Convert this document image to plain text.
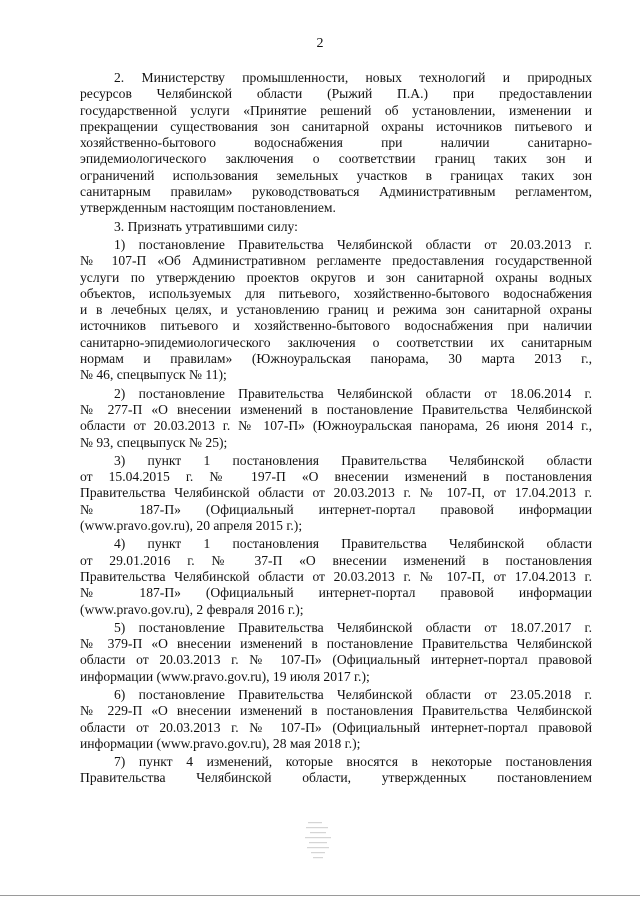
2

2. Министерству промышленности, новых технологий и природных
ресурсов Челябинской области (Рыжий П.А.) при предоставлении
государственной услуги «Принятие решений об установлении, изменении и
прекращении существования зон санитарной охраны источников питьевого и
хозяйственно-бытового водоснабжения при наличии санитарно-
эпидемиологического заключения о соответствии границ таких зон и
ограничений использования земельных участков в границах таких зон
санитарным правилам» руководствоваться Административным регламентом,
утвержденным настоящим постановлением.

3. Признать утратившими силу:

1) постановление Правительства Челябинской области от 20.03.2013 г.
№ 107-П «Об Административном регламенте предоставления государственной
услуги по утверждению проектов округов и зон санитарной охраны водных
объектов, используемых для питьевого, хозяйственно-бытового водоснабжения
и в лечебных целях, и установлению границ и режима зон санитарной охраны
источников питьевого и хозяйственно-бытового водоснабжения при наличии
санитарно-эпидемиологического заключения о соответствии их санитарным
нормам и правилам» (Южноуральская панорама, 30 марта 2013 г.,
№ 46, спецвыпуск № 11);

2) постановление Правительства Челябинской области от 18.06.2014 г.
№ 277-П «О внесении изменений в постановление Правительства Челябинской
области от 20.03.2013 г. № 107-П» (Южноуральская панорама, 26 июня 2014 г.,
№ 93, спецвыпуск № 25);

3) пункт 1 постановления Правительства Челябинской области
от 15.04.2015 г. № 197-П «О внесении изменений в постановления
Правительства Челябинской области от 20.03.2013 г. № 107-П, от 17.04.2013 г.
№ 187-П» (Официальный интернет-портал правовой информации
(www.pravo.gov.ru), 20 апреля 2015 г.);

4) пункт 1 постановления Правительства Челябинской области
от 29.01.2016 г. № 37-П «О внесении изменений в постановления
Правительства Челябинской области от 20.03.2013 г. № 107-П, от 17.04.2013 г.
№ 187-П» (Официальный интернет-портал правовой информации
(www.pravo.gov.ru), 2 февраля 2016 г.);

5) постановление Правительства Челябинской области от 18.07.2017 г.
№ 379-П «О внесении изменений в постановление Правительства Челябинской
области от 20.03.2013 г. № 107-П» (Официальный интернет-портал правовой
информации (www.pravo.gov.ru), 19 июля 2017 г.);

6) постановление Правительства Челябинской области от 23.05.2018 г.
№ 229-П «О внесении изменений в постановления Правительства Челябинской
области от 20.03.2013 г. № 107-П» (Официальный интернет-портал правовой
информации (www.pravo.gov.ru), 28 мая 2018 г.);

7) пункт 4 изменений, которые вносятся в некоторые постановления
Правительства Челябинской области, утвержденных постановлением
